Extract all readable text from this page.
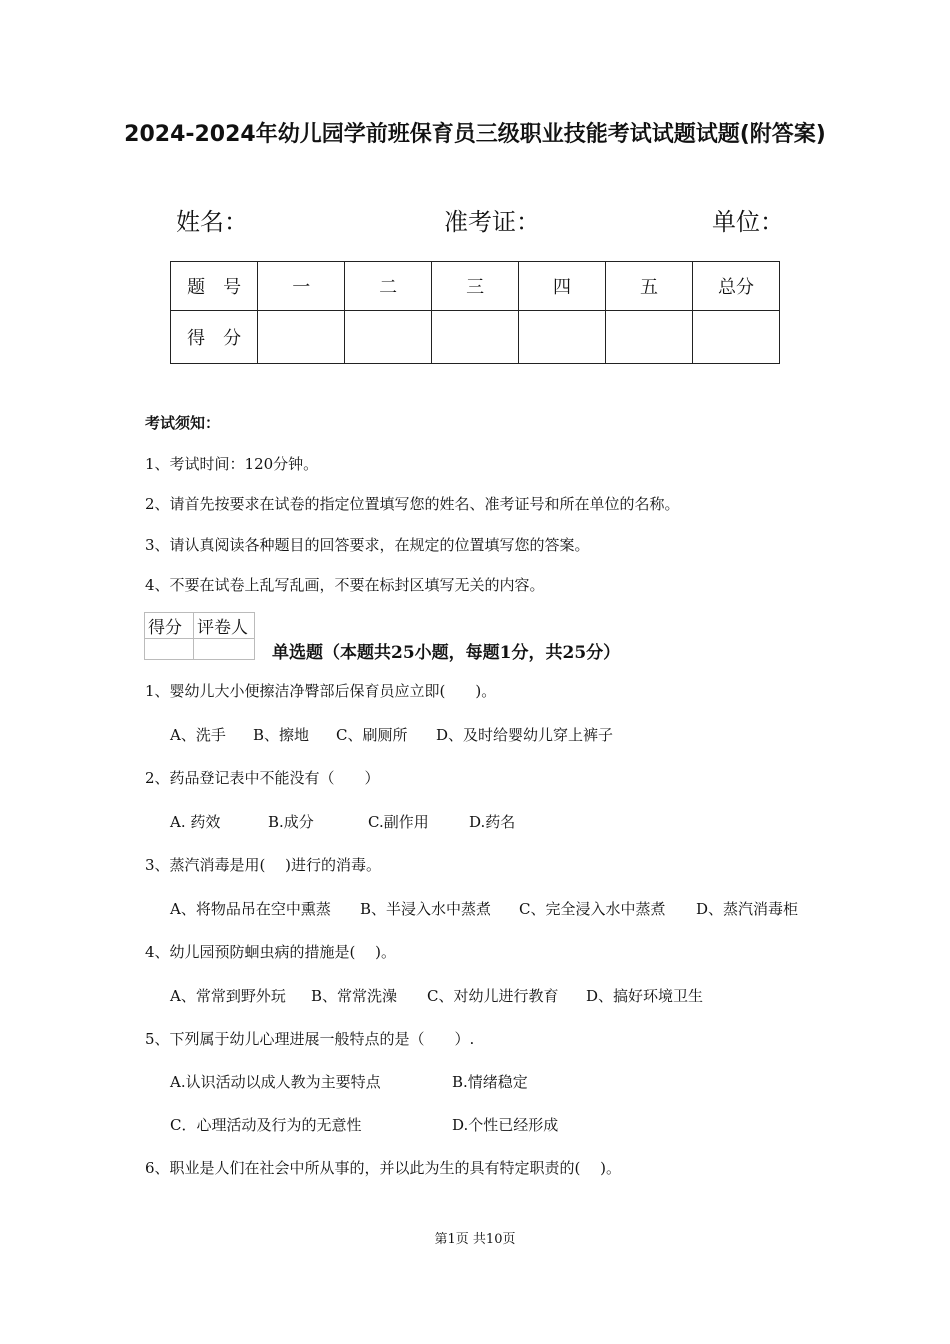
2024-2024年幼儿园学前班保育员三级职业技能考试试题试题(附答案)
姓名：	准考证：	单位：
题　号	一	二	三	四	五	总分
得　分						
考试须知：
1、考试时间：120分钟。
2、请首先按要求在试卷的指定位置填写您的姓名、准考证号和所在单位的名称。
3、请认真阅读各种题目的回答要求，在规定的位置填写您的答案。
4、不要在试卷上乱写乱画，不要在标封区填写无关的内容。
得分	评卷人

单选题（本题共25小题，每题1分，共25分）
1、婴幼儿大小便擦洁净臀部后保育员应立即(　　)。
A、洗手 B、擦地 C、刷厕所 D、及时给婴幼儿穿上裤子
2、药品登记表中不能没有（　　）
A. 药效	B.成分	C.副作用	D.药名
3、蒸汽消毒是用(　 )进行的消毒。
A、将物品吊在空中熏蒸 B、半浸入水中蒸煮 C、完全浸入水中蒸煮 D、蒸汽消毒柜
4、幼儿园预防蛔虫病的措施是(　 )。
A、常常到野外玩 B、常常洗澡 C、对幼儿进行教育 D、搞好环境卫生
5、下列属于幼儿心理进展一般特点的是（　　）.
A.认识活动以成人教为主要特点	B.情绪稳定
C．心理活动及行为的无意性	D.个性已经形成
6、职业是人们在社会中所从事的，并以此为生的具有特定职责的(　 )。
第1页 共10页
